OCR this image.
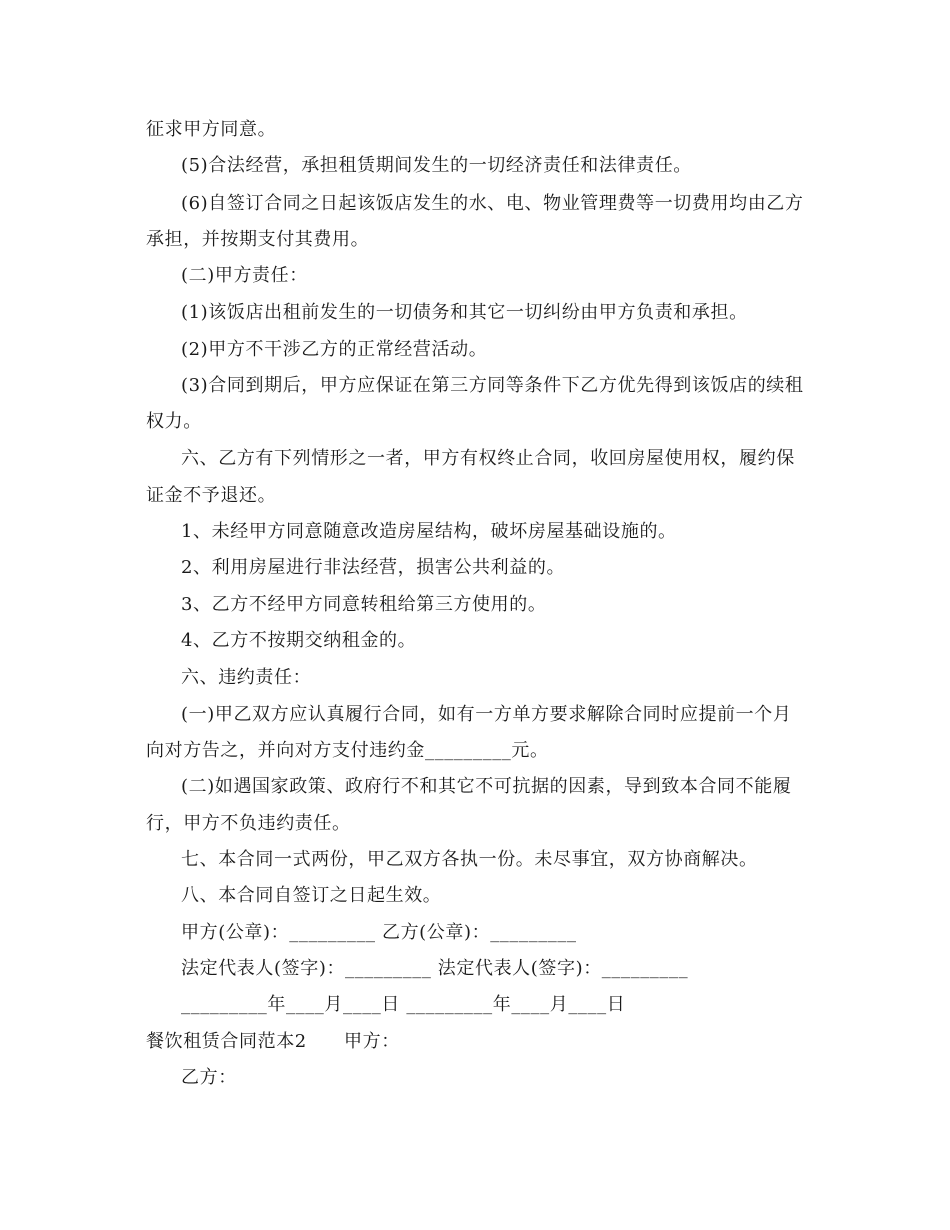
征求甲方同意。
(5)合法经营，承担租赁期间发生的一切经济责任和法律责任。
(6)自签订合同之日起该饭店发生的水、电、物业管理费等一切费用均由乙方
承担，并按期支付其费用。
(二)甲方责任：
(1)该饭店出租前发生的一切债务和其它一切纠纷由甲方负责和承担。
(2)甲方不干涉乙方的正常经营活动。
(3)合同到期后，甲方应保证在第三方同等条件下乙方优先得到该饭店的续租
权力。
六、乙方有下列情形之一者，甲方有权终止合同，收回房屋使用权，履约保
证金不予退还。
1、未经甲方同意随意改造房屋结构，破坏房屋基础设施的。
2、利用房屋进行非法经营，损害公共利益的。
3、乙方不经甲方同意转租给第三方使用的。
4、乙方不按期交纳租金的。
六、违约责任：
(一)甲乙双方应认真履行合同，如有一方单方要求解除合同时应提前一个月
向对方告之，并向对方支付违约金_________元。
(二)如遇国家政策、政府行不和其它不可抗据的因素，导到致本合同不能履
行，甲方不负违约责任。
七、本合同一式两份，甲乙双方各执一份。未尽事宜，双方协商解决。
八、本合同自签订之日起生效。
甲方(公章)：_________ 乙方(公章)：_________
法定代表人(签字)：_________ 法定代表人(签字)：_________
_________年____月____日 _________年____月____日
餐饮租赁合同范本2　　甲方：
乙方：
